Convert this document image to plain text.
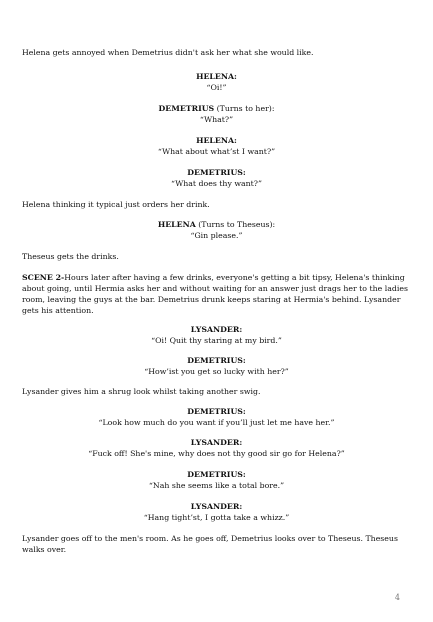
Helena gets annoyed when Demetrius didn't ask her what she would like.
HELENA:
“Oi!”
DEMETRIUS (Turns to her):
“What?”
HELENA:
“What about what’st I want?”
DEMETRIUS:
“What does thy want?”
Helena thinking it typical just orders her drink.
HELENA (Turns to Theseus):
“Gin please.”
Theseus gets the drinks.
SCENE 2-Hours later after having a few drinks, everyone's getting a bit tipsy, Helena's thinking about going, until Hermia asks her and without waiting for an answer just drags her to the ladies room, leaving the guys at the bar. Demetrius drunk keeps staring at Hermia's behind. Lysander gets his attention.
LYSANDER:
“Oi! Quit thy staring at my bird.”
DEMETRIUS:
“How’ist you get so lucky with her?”
Lysander gives him a shrug look whilst taking another swig.
DEMETRIUS:
“Look how much do you want if you’ll just let me have her.”
LYSANDER:
“Fuck off! She's mine, why does not thy good sir go for Helena?”
DEMETRIUS:
“Nah she seems like a total bore.”
LYSANDER:
“Hang tight’st, I gotta take a whizz.”
Lysander goes off to the men's room. As he goes off, Demetrius looks over to Theseus. Theseus walks over.
4
